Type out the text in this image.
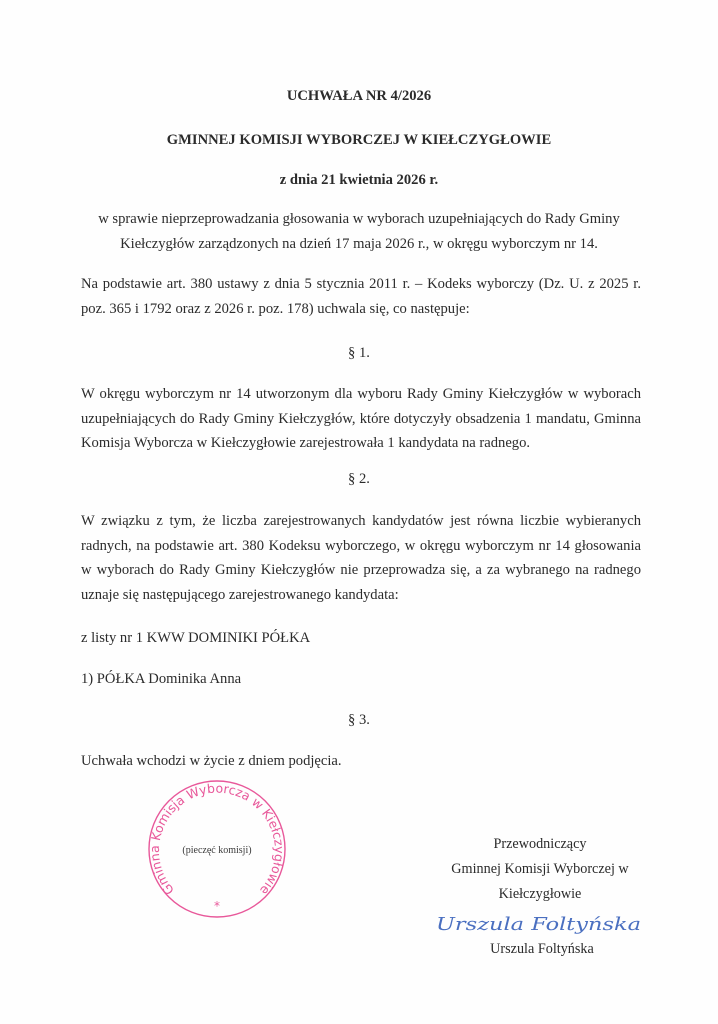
UCHWAŁA NR 4/2026
GMINNEJ KOMISJI WYBORCZEJ W KIEŁCZYGŁOWIE
z dnia 21 kwietnia 2026 r.
w sprawie nieprzeprowadzania głosowania w wyborach uzupełniających do Rady Gminy
Kiełczygłów zarządzonych na dzień 17 maja 2026 r., w okręgu wyborczym nr 14.
Na podstawie art. 380 ustawy z dnia 5 stycznia 2011 r. – Kodeks wyborczy (Dz. U. z 2025 r.
poz. 365 i 1792 oraz z 2026 r. poz. 178) uchwala się, co następuje:
§ 1.
W okręgu wyborczym nr 14 utworzonym dla wyboru Rady Gminy Kiełczygłów w wyborach
uzupełniających do Rady Gminy Kiełczygłów, które dotyczyły obsadzenia 1 mandatu, Gminna
Komisja Wyborcza w Kiełczygłowie zarejestrowała 1 kandydata na radnego.
§ 2.
W związku z tym, że liczba zarejestrowanych kandydatów jest równa liczbie wybieranych
radnych, na podstawie art. 380 Kodeksu wyborczego, w okręgu wyborczym nr 14 głosowania
w wyborach do Rady Gminy Kiełczygłów nie przeprowadza się, a za wybranego na radnego
uznaje się następującego zarejestrowanego kandydata:
z listy nr 1 KWW DOMINIKI PÓŁKA
1) PÓŁKA Dominika Anna
§ 3.
Uchwała wchodzi w życie z dniem podjęcia.
Gminna Komisja Wyborcza w Kiełczygłowie
*
(pieczęć komisji)	Przewodniczący
Gminnej Komisji Wyborczej w
Kiełczygłowie
Urszula Foltyńska
Urszula Foltyńska
